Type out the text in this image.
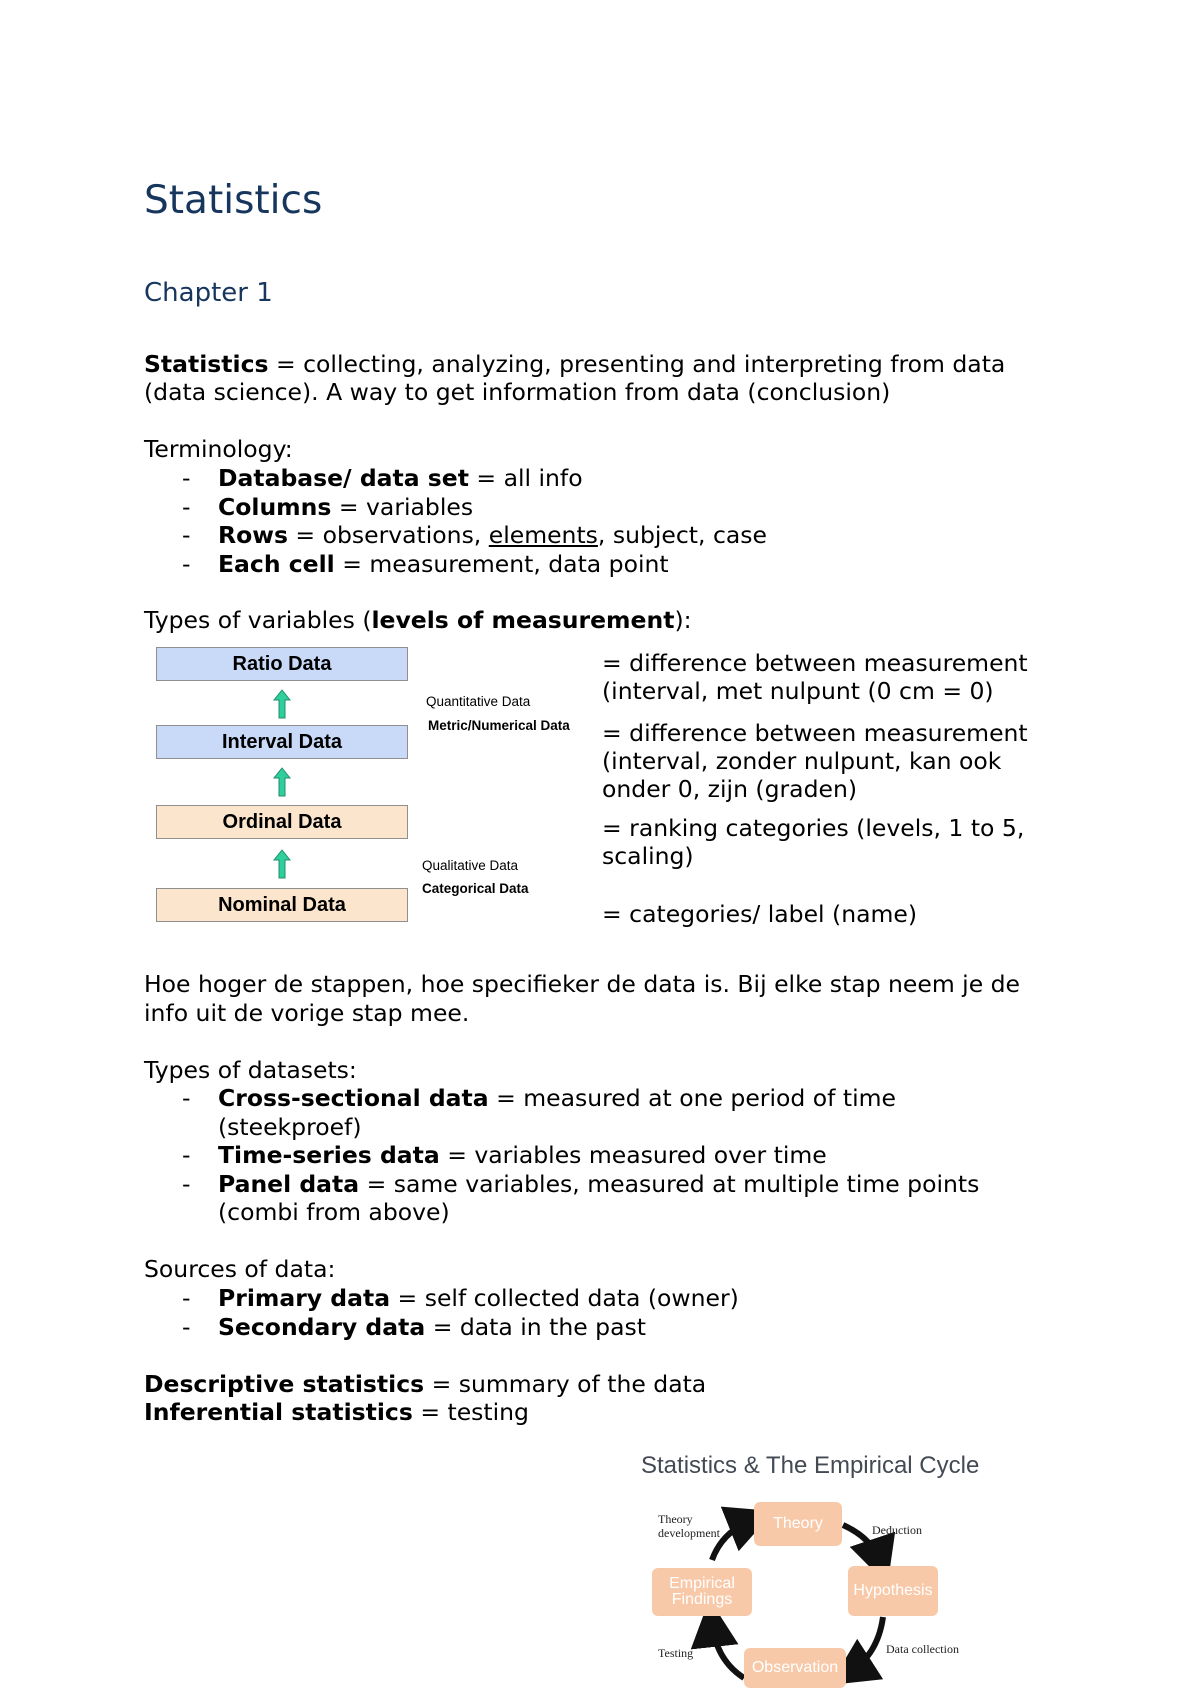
Statistics
Chapter 1

Statistics = collecting, analyzing, presenting and interpreting from data

(data science). A way to get information from data (conclusion)

Terminology:

- Database/ data set = all info
- Columns = variables
- Rows = observations, elements, subject, case
- Each cell = measurement, data point

Types of variables (levels of measurement):

Ratio Data
Interval Data
Ordinal Data
Nominal Data
Quantitative Data
Metric/Numerical Data
Qualitative Data
Categorical Data
= difference between measurement
(interval, met nulpunt (0 cm = 0)
= difference between measurement
(interval, zonder nulpunt, kan ook
onder 0, zijn (graden)
= ranking categories (levels, 1 to 5,
scaling)
= categories/ label (name)

Hoe hoger de stappen, hoe specifieker de data is. Bij elke stap neem je de

info uit de vorige stap mee.

Types of datasets:

- Cross-sectional data = measured at one period of time
(steekproef)
- Time-series data = variables measured over time
- Panel data = same variables, measured at multiple time points
(combi from above)

Sources of data:

- Primary data = self collected data (owner)
- Secondary data = data in the past

Descriptive statistics = summary of the data

Inferential statistics = testing

Statistics & The Empirical Cycle
Theory
Hypothesis
Observation
Empirical Findings
Theory development	Deduction
Data collection
Testing
